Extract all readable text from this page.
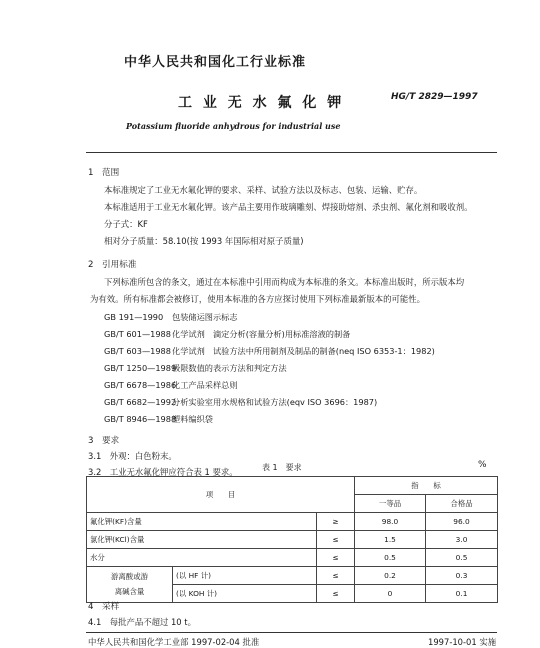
中华人民共和国化工行业标准
工 业 无 水 氟 化 钾	HG/T 2829—1997
Potassium fluoride anhydrous for industrial use
1　范围
本标准规定了工业无水氟化钾的要求、采样、试验方法以及标志、包装、运输、贮存。
本标准适用于工业无水氟化钾。该产品主要用作玻璃雕刻、焊接助熔剂、杀虫剂、氟化剂和吸收剂。
分子式：KF
相对分子质量：58.10(按 1993 年国际相对原子质量)
2　引用标准
下列标准所包含的条文，通过在本标准中引用而构成为本标准的条文。本标准出版时，所示版本均
为有效。所有标准都会被修订，使用本标准的各方应探讨使用下列标准最新版本的可能性。
GB 191—1990 包装储运图示标志
GB/T 601—1988化学试剂　滴定分析(容量分析)用标准溶液的制备
GB/T 603—1988化学试剂　试验方法中所用制剂及制品的制备(neq ISO 6353-1：1982)
GB/T 1250—1989极限数值的表示方法和判定方法
GB/T 6678—1986化工产品采样总则
GB/T 6682—1992分析实验室用水规格和试验方法(eqv ISO 3696：1987)
GB/T 8946—1988塑料编织袋
3　要求
3.1　外观：白色粉末。
3.2　工业无水氟化钾应符合表 1 要求。	表 1　要求	%
项　　目			指　　标	
			一等品	合格品
氟化钾(KF)含量		≥	98.0	96.0
氯化钾(KCl)含量		≤	1.5	3.0
水分		≤	0.5	0.5

游离酸或游
离碱含量	(以 HF 计)	≤	0.2	0.3
	(以 KOH 计)	≤	0	0.1
4　采样
4.1　每批产品不超过 10 t。
中华人民共和国化学工业部 1997-02-04 批准	1997-10-01 实施
